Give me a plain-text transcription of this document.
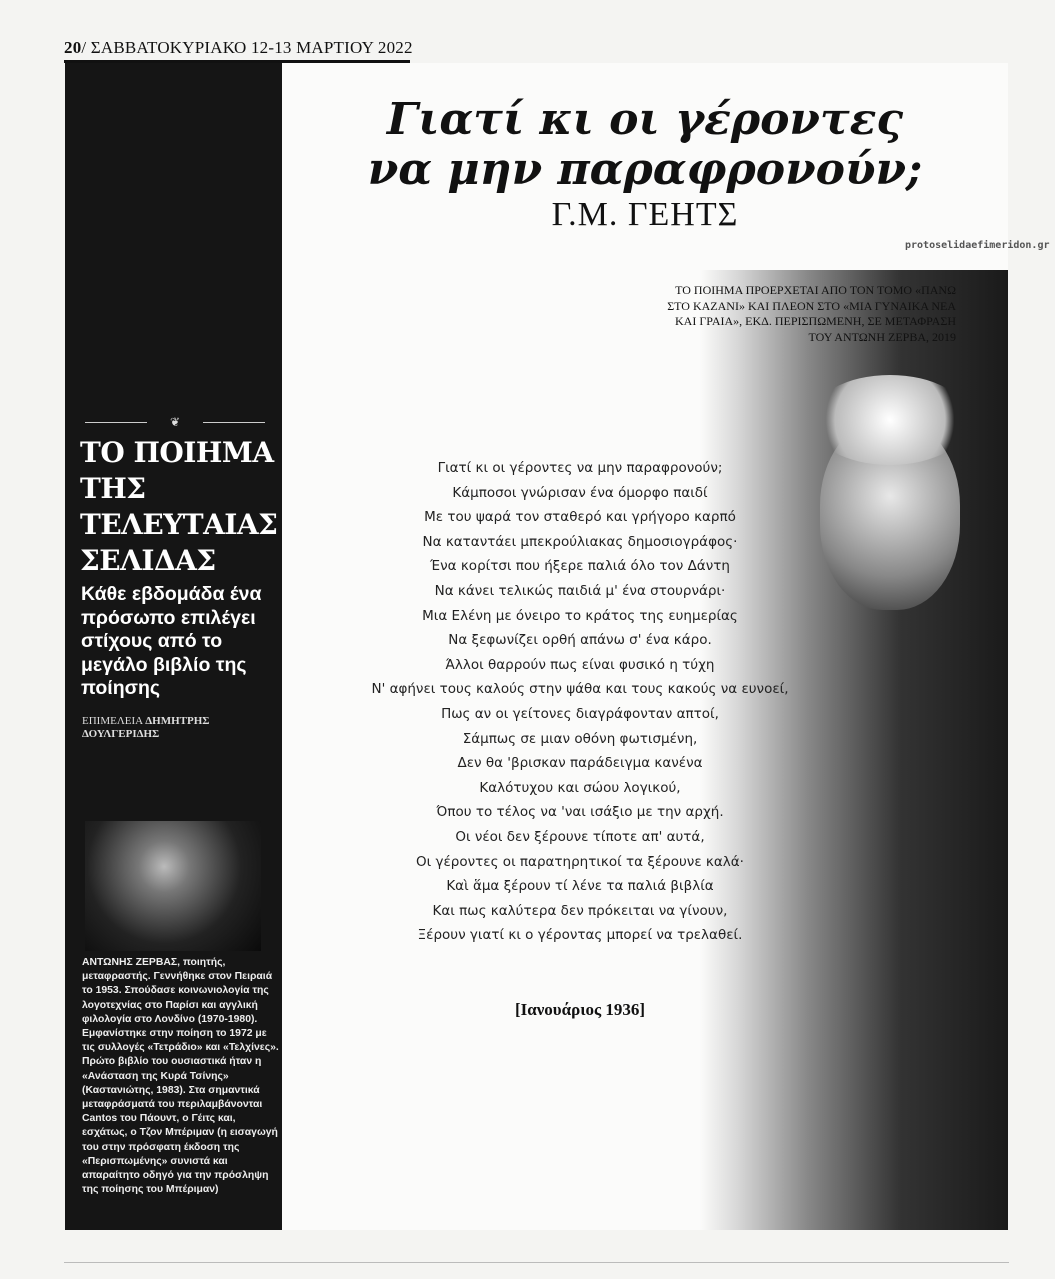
20/ ΣΑΒΒΑΤΟΚΥΡΙΑΚΟ 12-13 ΜΑΡΤΙΟΥ 2022
❦
ΤΟ ΠΟΙΗΜΑ
ΤΗΣ
ΤΕΛΕΥΤΑΙΑΣ
ΣΕΛΙΔΑΣ
Κάθε εβδομάδα ένα πρόσωπο επιλέγει στίχους από το μεγάλο βιβλίο της ποίησης
ΕΠΙΜΕΛΕΙΑ ΔΗΜΗΤΡΗΣ ΔΟΥΛΓΕΡΙΔΗΣ
ΑΝΤΩΝΗΣ ΖΕΡΒΑΣ, ποιητής, μεταφραστής. Γεννήθηκε στον Πειραιά το 1953. Σπούδασε κοινωνιολογία της λογοτεχνίας στο Παρίσι και αγγλική φιλολογία στο Λονδίνο (1970-1980). Εμφανίστηκε στην ποίηση το 1972 με τις συλλογές «Τετράδιο» και «Τελχίνες». Πρώτο βιβλίο του ουσιαστικά ήταν η «Ανάσταση της Κυρά Τσίνης» (Καστανιώτης, 1983). Στα σημαντικά μεταφράσματά του περιλαμβάνονται Cantos του Πάουντ, ο Γέιτς και, εσχάτως, ο Τζον Μπέριμαν (η εισαγωγή του στην πρόσφατη έκδοση της «Περισπωμένης» συνιστά και απαραίτητο οδηγό για την πρόσληψη της ποίησης του Μπέριμαν)
Γιατί κι οι γέροντες
να μην παραφρονούν;
Γ.Μ. ΓΕΗΤΣ
protoselidaefimeridon.gr
ΤΟ ΠΟΙΗΜΑ ΠΡΟΕΡΧΕΤΑΙ ΑΠΟ ΤΟΝ ΤΟΜΟ «ΠΑΝΩ ΣΤΟ ΚΑΖΑΝΙ» ΚΑΙ ΠΛΕΟΝ ΣΤΟ «ΜΙΑ ΓΥΝΑΙΚΑ ΝΕΑ ΚΑΙ ΓΡΑΙΑ», ΕΚΔ. ΠΕΡΙΣΠΩΜΕΝΗ, ΣΕ ΜΕΤΑΦΡΑΣΗ ΤΟΥ ΑΝΤΩΝΗ ΖΕΡΒΑ, 2019
Γιατί κι οι γέροντες να μην παραφρονούν;
Κάμποσοι γνώρισαν ένα όμορφο παιδί
Με του ψαρά τον σταθερό και γρήγορο καρπό
Να καταντάει μπεκρούλιακας δημοσιογράφος·
Ένα κορίτσι που ήξερε παλιά όλο τον Δάντη
Να κάνει τελικώς παιδιά μ' ένα στουρνάρι·
Μια Ελένη με όνειρο το κράτος της ευημερίας
Να ξεφωνίζει ορθή απάνω σ' ένα κάρο.
Άλλοι θαρρούν πως είναι φυσικό η τύχη
Ν' αφήνει τους καλούς στην ψάθα και τους κακούς να ευνοεί,
Πως αν οι γείτονες διαγράφονταν απτοί,
Σάμπως σε μιαν οθόνη φωτισμένη,
Δεν θα 'βρισκαν παράδειγμα κανένα
Καλότυχου και σώου λογικού,
Όπου το τέλος να 'ναι ισάξιο με την αρχή.
Οι νέοι δεν ξέρουνε τίποτε απ' αυτά,
Οι γέροντες οι παρατηρητικοί τα ξέρουνε καλά·
Καὶ ἅμα ξέρουν τί λένε τα παλιά βιβλία
Και πως καλύτερα δεν πρόκειται να γίνουν,
Ξέρουν γιατί κι ο γέροντας μπορεί να τρελαθεί.
[Ιανουάριος 1936]
